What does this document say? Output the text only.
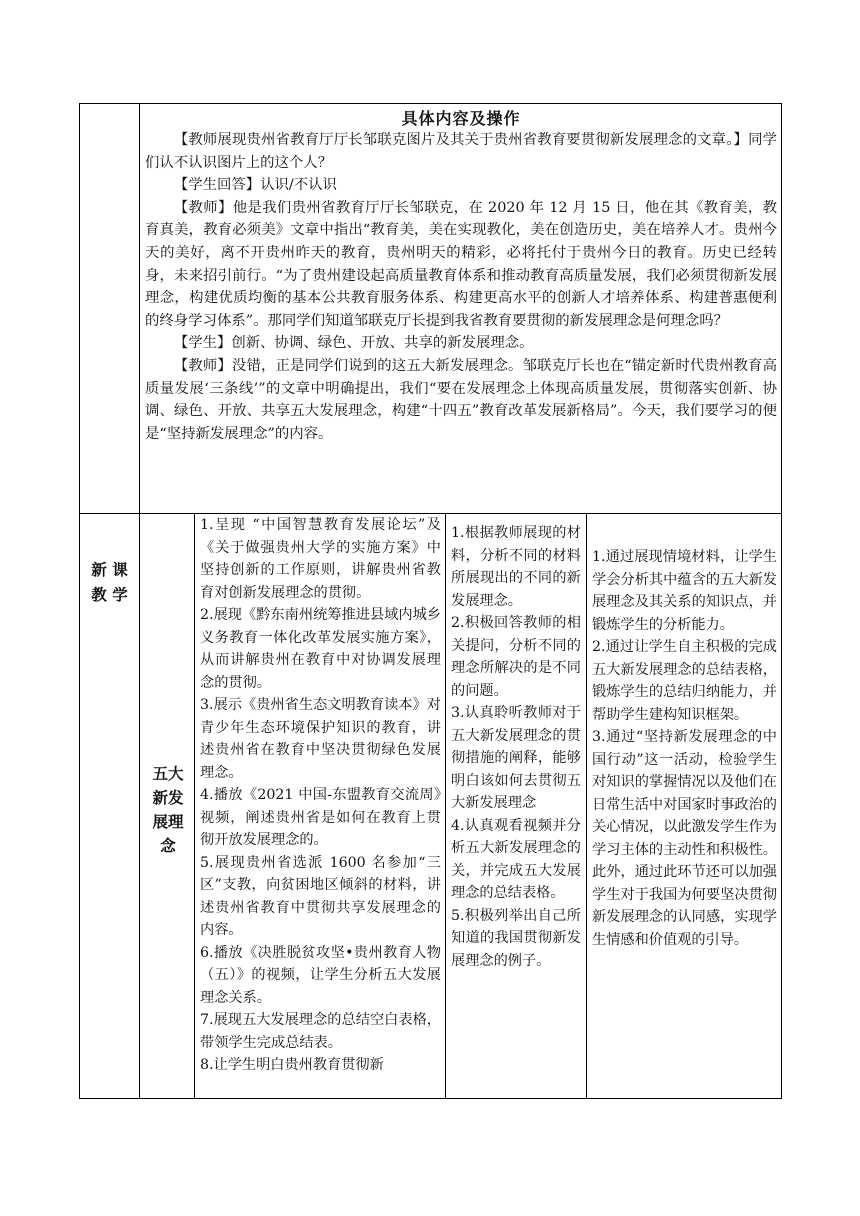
具体内容及操作

【教师展现贵州省教育厅厅长邹联克图片及其关于贵州省教育要贯彻新发展理念的文章。】同学们认不认识图片上的这个人？

【学生回答】认识/不认识

【教师】他是我们贵州省教育厅厅长邹联克，在 2020 年 12 月 15 日，他在其《教育美，教育真美，教育必须美》文章中指出“教育美，美在实现教化，美在创造历史，美在培养人才。贵州今天的美好，离不开贵州昨天的教育，贵州明天的精彩，必将托付于贵州今日的教育。历史已经转身，未来招引前行。“为了贵州建设起高质量教育体系和推动教育高质量发展，我们必须贯彻新发展理念，构建优质均衡的基本公共教育服务体系、构建更高水平的创新人才培养体系、构建普惠便利的终身学习体系”。那同学们知道邹联克厅长提到我省教育要贯彻的新发展理念是何理念吗？

【学生】创新、协调、绿色、开放、共享的新发展理念。

【教师】没错，正是同学们说到的这五大新发展理念。邹联克厅长也在“锚定新时代贵州教育高质量发展‘三条线’”的文章中明确提出，我们“要在发展理念上体现高质量发展，贯彻落实创新、协调、绿色、开放、共享五大发展理念，构建“十四五”教育改革发展新格局”。今天，我们要学习的便是“坚持新发展理念”的内容。

新 课
教 学
五大
新发
展理
念

1.呈现 “中国智慧教育发展论坛”及《关于做强贵州大学的实施方案》中坚持创新的工作原则，讲解贵州省教育对创新发展理念的贯彻。

2.展现《黔东南州统筹推进县域内城乡义务教育一体化改革发展实施方案》，从而讲解贵州在教育中对协调发展理念的贯彻。

3.展示《贵州省生态文明教育读本》对青少年生态环境保护知识的教育，讲述贵州省在教育中坚决贯彻绿色发展理念。

4.播放《2021 中国-东盟教育交流周》视频，阐述贵州省是如何在教育上贯彻开放发展理念的。

5.展现贵州省选派 1600 名参加“三区”支教，向贫困地区倾斜的材料，讲述贵州省教育中贯彻共享发展理念的内容。

6.播放《决胜脱贫攻坚•贵州教育人物（五）》的视频，让学生分析五大发展理念关系。

7.展现五大发展理念的总结空白表格，带领学生完成总结表。

8.让学生明白贵州教育贯彻新

1.根据教师展现的材料，分析不同的材料所展现出的不同的新发展理念。

2.积极回答教师的相关提问，分析不同的理念所解决的是不同的问题。

3.认真聆听教师对于五大新发展理念的贯彻措施的阐释，能够明白该如何去贯彻五大新发展理念

4.认真观看视频并分析五大新发展理念的关，并完成五大发展理念的总结表格。

5.积极列举出自己所知道的我国贯彻新发展理念的例子。

1.通过展现情境材料，让学生学会分析其中蕴含的五大新发展理念及其关系的知识点，并锻炼学生的分析能力。

2.通过让学生自主积极的完成五大新发展理念的总结表格，锻炼学生的总结归纳能力，并帮助学生建构知识框架。

3.通过“坚持新发展理念的中国行动”这一活动，检验学生对知识的掌握情况以及他们在日常生活中对国家时事政治的关心情况，以此激发学生作为学习主体的主动性和积极性。此外，通过此环节还可以加强学生对于我国为何要坚决贯彻新发展理念的认同感，实现学生情感和价值观的引导。
